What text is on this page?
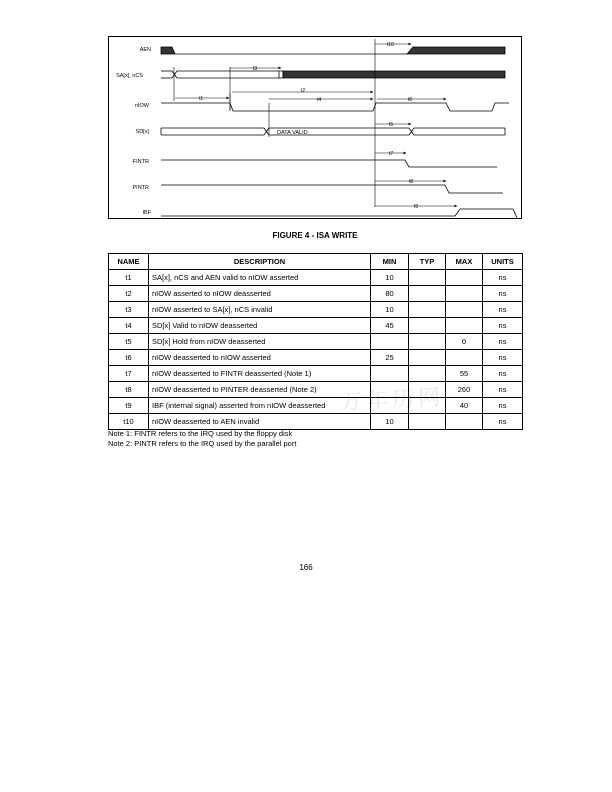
AEN
SA[x], nCS
nIOW
SD[x]
FINTR
PINTR
IBF
DATA VALID
t1
t2
t3
t4
t5
t6
t7
t8
t9
t10
FIGURE 4 - ISA WRITE
万年历网
NAME	DESCRIPTION	MIN	TYP	MAX	UNITS
t1	SA[x], nCS and AEN valid to nIOW asserted	10			ns
t2	nIOW asserted to nIOW deasserted	80			ns
t3	nIOW asserted to SA[x], nCS invalid	10			ns
t4	SD[x] Valid to nIOW deasserted	45			ns
t5	SD[x] Hold from nIOW deasserted			0	ns
t6	nIOW deasserted to nIOW asserted	25			ns
t7	nIOW deasserted to FINTR deasserted (Note 1)			55	ns
t8	nIOW deasserted to PINTER deasserted (Note 2)			260	ns
t9	IBF (internal signal) asserted from nIOW deasserted			40	ns
t10	nIOW deasserted to AEN invalid	10			ns
Note 1: FINTR refers to the IRQ used by the floppy disk
Note 2: PINTR refers to the IRQ used by the parallel port
166
